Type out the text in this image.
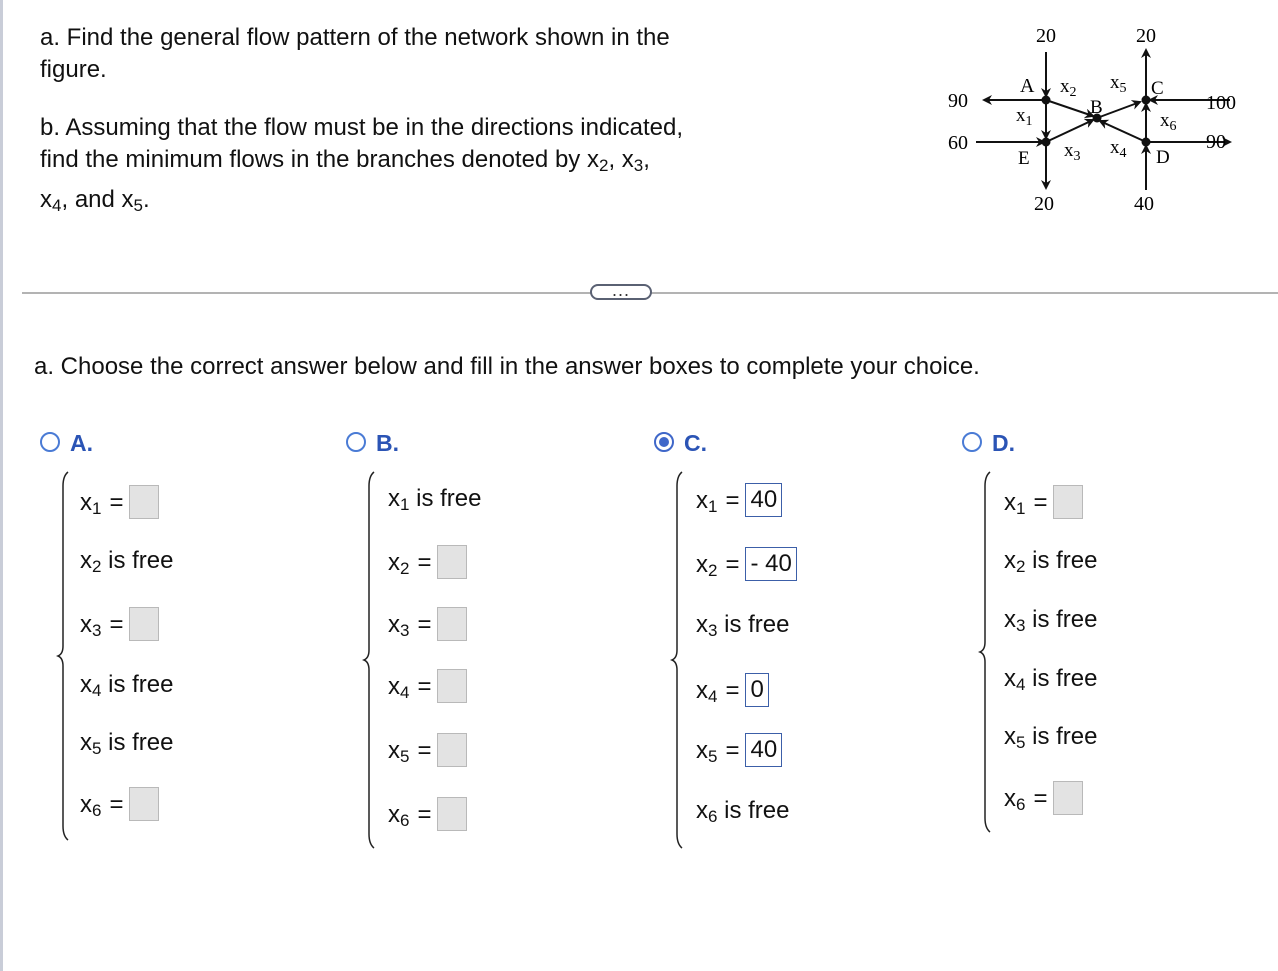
a. Find the general flow pattern of the network shown in the
figure.
b. Assuming that the flow must be in the directions indicated,
find the minimum flows in the branches denoted by $x_2$, $x_3$,
$x_4$, and $x_5$.
20	20
20	40
90
60
100
90
A
B
C
D
E
$x_2$ $x_5$
$x_1$
$x_3$ $x_4$
$x_6$
...
a. Choose the correct answer below and fill in the answer boxes to complete your choice.
A.
$x_1$ =
$x_2$ is free
$x_3$ =
$x_4$ is free
$x_5$ is free
$x_6$ =
B.
$x_1$ is free
$x_2$ =
$x_3$ =
$x_4$ =
$x_5$ =
$x_6$ =
C.
$x_1 = 40$
$x_2$ = - 40
$x_3$ is free
$x_4 = 0$
$x_5 = 40$
$x_6$ is free
D.
$x_1$ =
$x_2$ is free
$x_3$ is free
$x_4$ is free
$x_5$ is free
$x_6$ =
